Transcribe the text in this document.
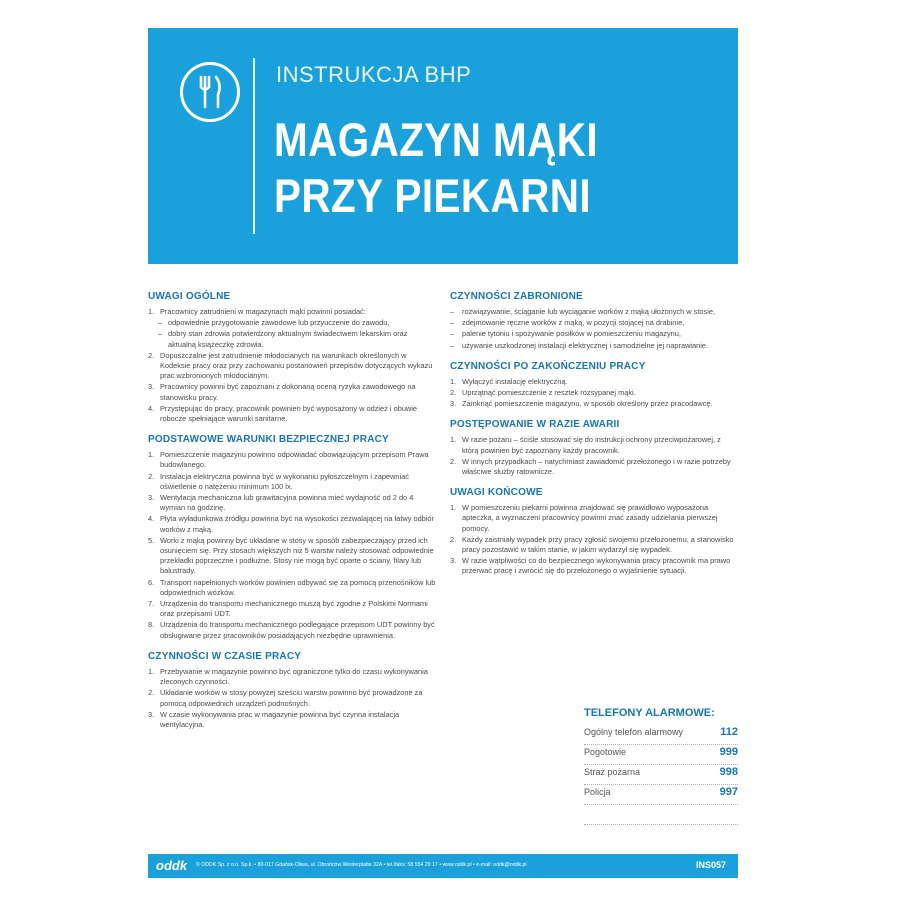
INSTRUKCJA BHP
MAGAZYN MĄKI
PRZY PIEKARNI
UWAGI OGÓLNE
1. Pracownicy zatrudnieni w magazynach mąki powinni posiadać:
– odpowiednie przygotowanie zawodowe lub przyuczenie do zawodu,
– dobry stan zdrowia potwierdzony aktualnym świadectwem lekarskim oraz aktualną książeczkę zdrowia.
2. Dopuszczalne jest zatrudnienie młodocianych na warunkach określonych w Kodeksie pracy oraz przy zachowaniu postanowień przepisów dotyczących wykazu prac wzbronionych młodocianym.
3. Pracownicy powinni być zapoznani z dokonaną oceną ryzyka zawodowego na stanowisku pracy.
4. Przystępując do pracy, pracownik powinien być wyposażony w odzież i obuwie robocze spełniające warunki sanitarne.
PODSTAWOWE WARUNKI BEZPIECZNEJ PRACY
1. Pomieszczenie magazynu powinno odpowiadać obowiązującym przepisom Prawa budowlanego.
2. Instalacja elektryczna powinna być w wykonaniu pyłoszczelnym i zapewniać oświetlenie o natężeniu minimum 100 lx.
3. Wentylacja mechaniczna lub grawitacyjna powinna mieć wydajność od 2 do 4 wymian na godzinę.
4. Płyta wyładunkowa źródłgu powinna być na wysokości zezwalającej na łatwy odbiór worków z mąką.
5. Worki z mąką powinny być układane w stosy w sposób zabezpieczający przed ich osunięciem się. Przy stosach większych niż 5 warstw należy stosować odpowiednie przekładki poprzeczne i podłużne. Stosy nie mogą być oparte o ściany, filary lub balustrady.
6. Transport napełnionych worków powinien odbywać się za pomocą przenośników lub odpowiednich wózków.
7. Urządzenia do transportu mechanicznego muszą być zgodne z Polskimi Normami oraz przepisami UDT.
8. Urządzenia do transportu mechanicznego podlegające przepisom UDT powinny być obsługiwane przez pracowników posiadających niezbędne uprawnienia.
CZYNNOŚCI W CZASIE PRACY
1. Przebywanie w magazynie powinno być ograniczone tylko do czasu wykonywania zleconych czynności.
2. Układanie worków w stosy powyżej sześciu warstw powinno być prowadzone za pomocą odpowiednich urządzeń podnośnych.
3. W czasie wykonywania prac w magazynie powinna być czynna instalacja wentylacyjna.
CZYNNOŚCI ZABRONIONE
– rozwiązywanie, ściąganie lub wyciąganie worków z mąką ułożonych w stosie,
– zdejmowanie ręczne worków z mąką, w pozycji stojącej na drabinie,
– palenie tytoniu i spożywanie posiłków w pomieszczeniu magazynu,
– używanie uszkodzonej instalacji elektrycznej i samodzielne jej naprawianie.
CZYNNOŚCI PO ZAKOŃCZENIU PRACY
1. Wyłączyć instalację elektryczną.
2. Uprzątnąć pomieszczenie z resztek rozsypanej mąki.
3. Zamknąć pomieszczenie magazynu, w sposób określony przez pracodawcę.
POSTĘPOWANIE W RAZIE AWARII
1. W razie pożaru – ściśle stosować się do instrukcji ochrony przeciwpożarowej, z którą powinien być zapoznany każdy pracownik.
2. W innych przypadkach – natychmiast zawiadomić przełożonego i w razie potrzeby właściwe służby ratownicze.
UWAGI KOŃCOWE
1. W pomieszczeniu piekarni powinna znajdować się prawidłowo wyposażona apteczka, a wyznaczeni pracownicy powinni znać zasady udzielania pierwszej pomocy.
2. Każdy zaistniały wypadek przy pracy zgłosić swojemu przełożonemu, a stanowisko pracy pozostawić w takim stanie, w jakim wydarzył się wypadek.
3. W razie wątpliwości co do bezpiecznego wykonywania pracy pracownik ma prawo przerwać pracę i zwrócić się do przełożonego o wyjaśnienie sytuacji.
TELEFONY ALARMOWE:
Ogólny telefon alarmowy	112
Pogotowie	999
Straż pożarna	998
Policja	997
oddk © ODDK Sp. z o.o. Sp.k. • 80-017 Gdańsk-Oliwa, ul. Obrońców Westerplatte 32A • tel./faks: 58 554 29 17 • www.oddk.pl • e-mail: oddk@oddk.pl	INS057
